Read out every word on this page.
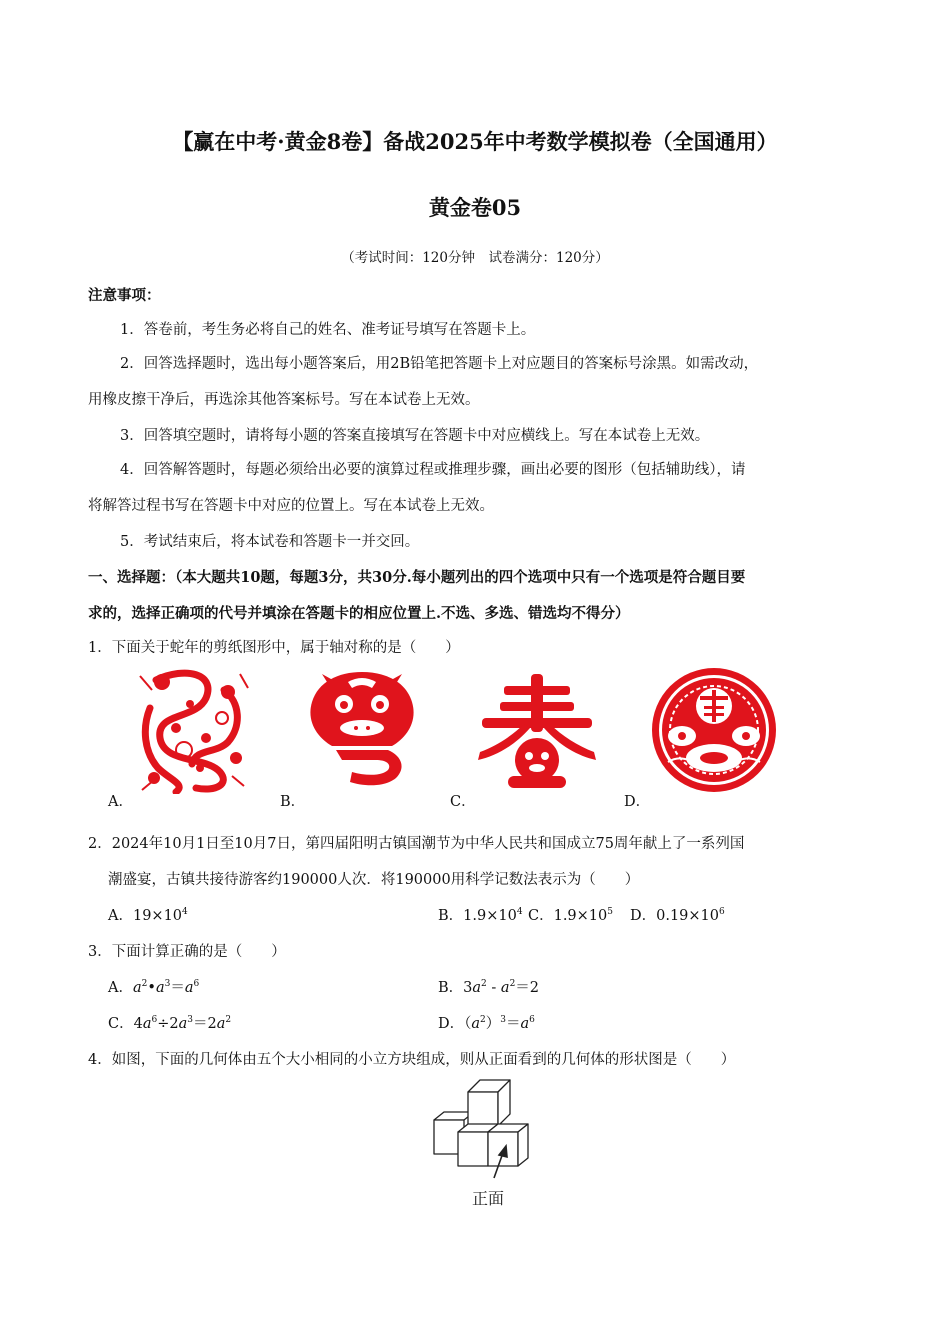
【赢在中考·黄金8卷】备战2025年中考数学模拟卷（全国通用）
黄金卷05
（考试时间：120分钟　试卷满分：120分）
注意事项：
1．答卷前，考生务必将自己的姓名、准考证号填写在答题卡上。
2．回答选择题时，选出每小题答案后，用2B铅笔把答题卡上对应题目的答案标号涂黑。如需改动，
用橡皮擦干净后，再选涂其他答案标号。写在本试卷上无效。
3．回答填空题时，请将每小题的答案直接填写在答题卡中对应横线上。写在本试卷上无效。
4．回答解答题时，每题必须给出必要的演算过程或推理步骤，画出必要的图形（包括辅助线），请
将解答过程书写在答题卡中对应的位置上。写在本试卷上无效。
5．考试结束后，将本试卷和答题卡一并交回。
一、选择题：（本大题共10题，每题3分，共30分.每小题列出的四个选项中只有一个选项是符合题目要
求的，选择正确项的代号并填涂在答题卡的相应位置上.不选、多选、错选均不得分）
1．下面关于蛇年的剪纸图形中，属于轴对称的是（　　）
A．	B．	C．	D．
2．2024年10月1日至10月7日，第四届阳明古镇国潮节为中华人民共和国成立75周年献上了一系列国
潮盛宴，古镇共接待游客约190000人次．将190000用科学记数法表示为（　　）
A．$19\times 10^4$	B．$1.9\times 10^4$ C．$1.9\times 10^5$ D．$0.19\times 10^6$
3．下面计算正确的是（　　）
A．$a^2•a^3=a^6$	B．$3a^2 - a^2=2$
C．$4a^6\div 2a^3=2a^2$	D．$(a^2)^3=a^6$
4．如图，下面的几何体由五个大小相同的小立方块组成，则从正面看到的几何体的形状图是（　　）
正面
